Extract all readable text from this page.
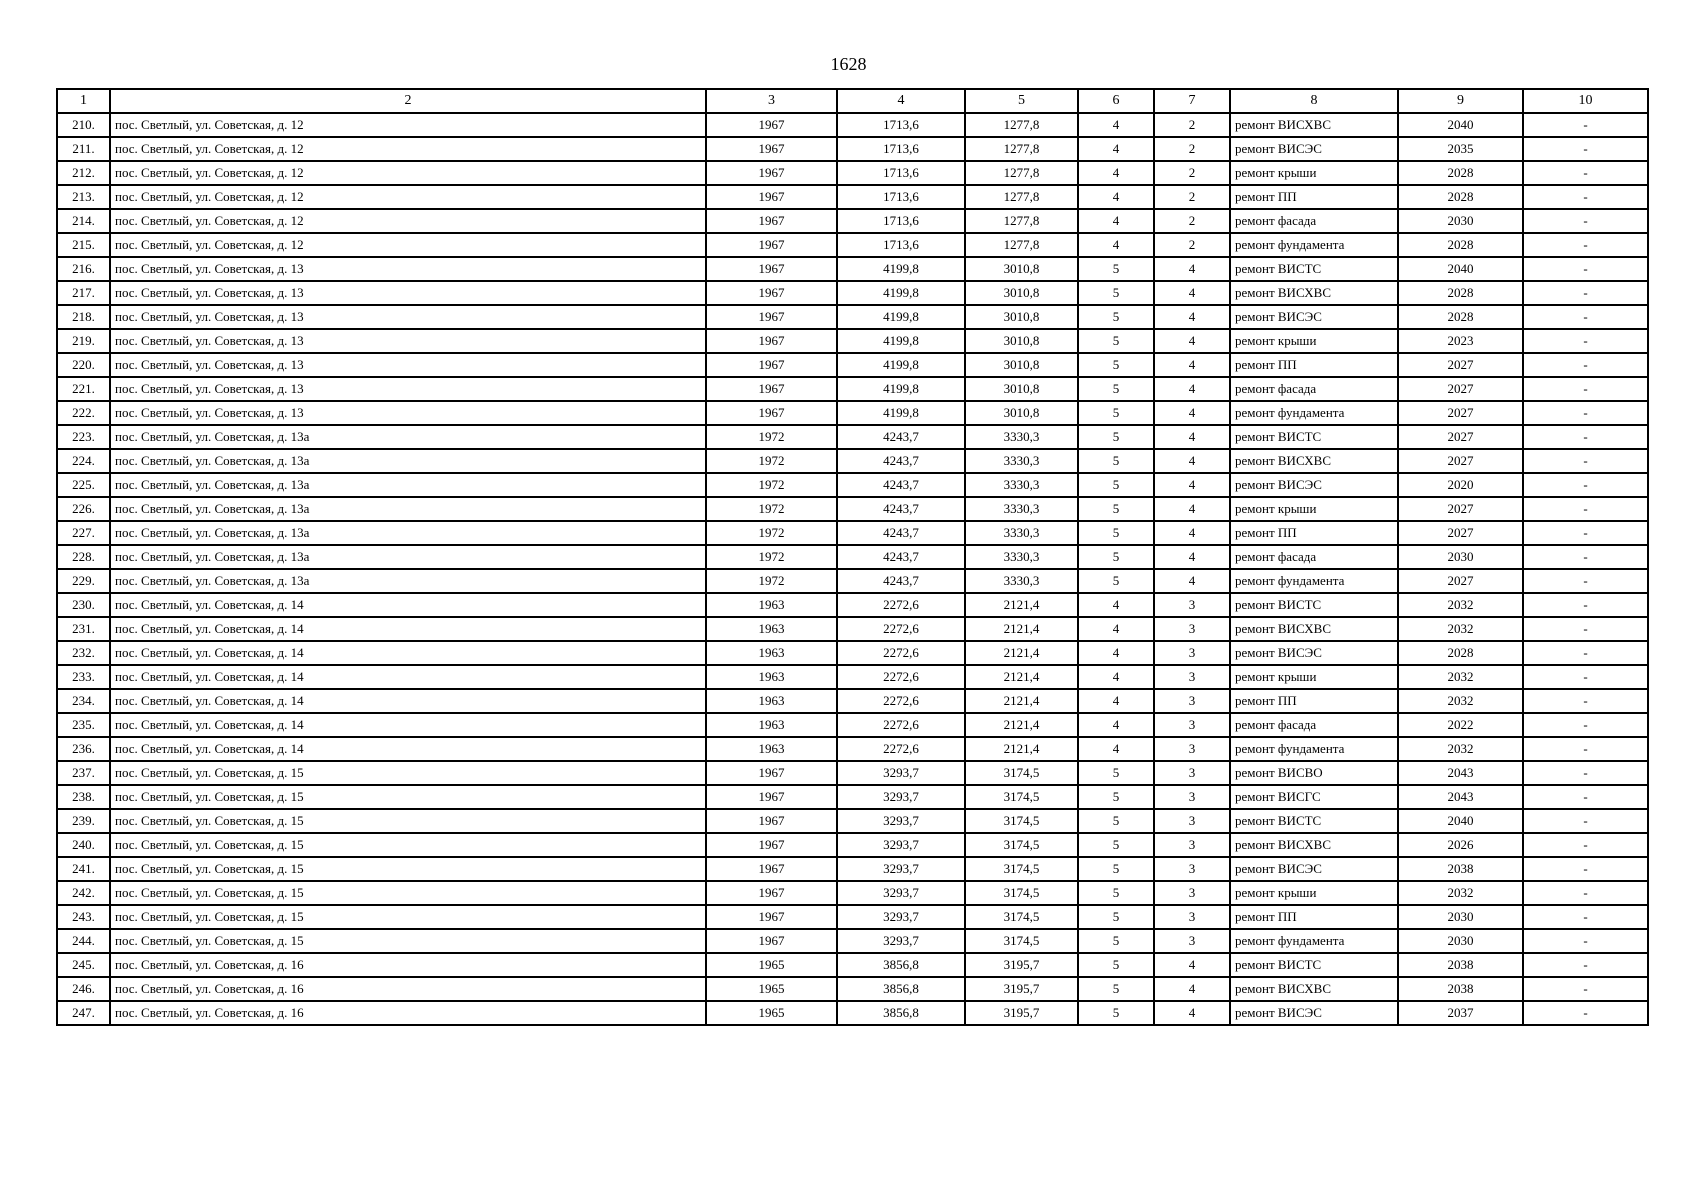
1628
1	2	3	4	5	6	7	8	9	10
210.	пос. Светлый, ул. Советская, д. 12	1967	1713,6	1277,8	4	2	ремонт ВИСХВС	2040	-
211.	пос. Светлый, ул. Советская, д. 12	1967	1713,6	1277,8	4	2	ремонт ВИСЭС	2035	-
212.	пос. Светлый, ул. Советская, д. 12	1967	1713,6	1277,8	4	2	ремонт крыши	2028	-
213.	пос. Светлый, ул. Советская, д. 12	1967	1713,6	1277,8	4	2	ремонт ПП	2028	-
214.	пос. Светлый, ул. Советская, д. 12	1967	1713,6	1277,8	4	2	ремонт фасада	2030	-
215.	пос. Светлый, ул. Советская, д. 12	1967	1713,6	1277,8	4	2	ремонт фундамента	2028	-
216.	пос. Светлый, ул. Советская, д. 13	1967	4199,8	3010,8	5	4	ремонт ВИСТС	2040	-
217.	пос. Светлый, ул. Советская, д. 13	1967	4199,8	3010,8	5	4	ремонт ВИСХВС	2028	-
218.	пос. Светлый, ул. Советская, д. 13	1967	4199,8	3010,8	5	4	ремонт ВИСЭС	2028	-
219.	пос. Светлый, ул. Советская, д. 13	1967	4199,8	3010,8	5	4	ремонт крыши	2023	-
220.	пос. Светлый, ул. Советская, д. 13	1967	4199,8	3010,8	5	4	ремонт ПП	2027	-
221.	пос. Светлый, ул. Советская, д. 13	1967	4199,8	3010,8	5	4	ремонт фасада	2027	-
222.	пос. Светлый, ул. Советская, д. 13	1967	4199,8	3010,8	5	4	ремонт фундамента	2027	-
223.	пос. Светлый, ул. Советская, д. 13а	1972	4243,7	3330,3	5	4	ремонт ВИСТС	2027	-
224.	пос. Светлый, ул. Советская, д. 13а	1972	4243,7	3330,3	5	4	ремонт ВИСХВС	2027	-
225.	пос. Светлый, ул. Советская, д. 13а	1972	4243,7	3330,3	5	4	ремонт ВИСЭС	2020	-
226.	пос. Светлый, ул. Советская, д. 13а	1972	4243,7	3330,3	5	4	ремонт крыши	2027	-
227.	пос. Светлый, ул. Советская, д. 13а	1972	4243,7	3330,3	5	4	ремонт ПП	2027	-
228.	пос. Светлый, ул. Советская, д. 13а	1972	4243,7	3330,3	5	4	ремонт фасада	2030	-
229.	пос. Светлый, ул. Советская, д. 13а	1972	4243,7	3330,3	5	4	ремонт фундамента	2027	-
230.	пос. Светлый, ул. Советская, д. 14	1963	2272,6	2121,4	4	3	ремонт ВИСТС	2032	-
231.	пос. Светлый, ул. Советская, д. 14	1963	2272,6	2121,4	4	3	ремонт ВИСХВС	2032	-
232.	пос. Светлый, ул. Советская, д. 14	1963	2272,6	2121,4	4	3	ремонт ВИСЭС	2028	-
233.	пос. Светлый, ул. Советская, д. 14	1963	2272,6	2121,4	4	3	ремонт крыши	2032	-
234.	пос. Светлый, ул. Советская, д. 14	1963	2272,6	2121,4	4	3	ремонт ПП	2032	-
235.	пос. Светлый, ул. Советская, д. 14	1963	2272,6	2121,4	4	3	ремонт фасада	2022	-
236.	пос. Светлый, ул. Советская, д. 14	1963	2272,6	2121,4	4	3	ремонт фундамента	2032	-
237.	пос. Светлый, ул. Советская, д. 15	1967	3293,7	3174,5	5	3	ремонт ВИСВО	2043	-
238.	пос. Светлый, ул. Советская, д. 15	1967	3293,7	3174,5	5	3	ремонт ВИСГС	2043	-
239.	пос. Светлый, ул. Советская, д. 15	1967	3293,7	3174,5	5	3	ремонт ВИСТС	2040	-
240.	пос. Светлый, ул. Советская, д. 15	1967	3293,7	3174,5	5	3	ремонт ВИСХВС	2026	-
241.	пос. Светлый, ул. Советская, д. 15	1967	3293,7	3174,5	5	3	ремонт ВИСЭС	2038	-
242.	пос. Светлый, ул. Советская, д. 15	1967	3293,7	3174,5	5	3	ремонт крыши	2032	-
243.	пос. Светлый, ул. Советская, д. 15	1967	3293,7	3174,5	5	3	ремонт ПП	2030	-
244.	пос. Светлый, ул. Советская, д. 15	1967	3293,7	3174,5	5	3	ремонт фундамента	2030	-
245.	пос. Светлый, ул. Советская, д. 16	1965	3856,8	3195,7	5	4	ремонт ВИСТС	2038	-
246.	пос. Светлый, ул. Советская, д. 16	1965	3856,8	3195,7	5	4	ремонт ВИСХВС	2038	-
247.	пос. Светлый, ул. Советская, д. 16	1965	3856,8	3195,7	5	4	ремонт ВИСЭС	2037	-
